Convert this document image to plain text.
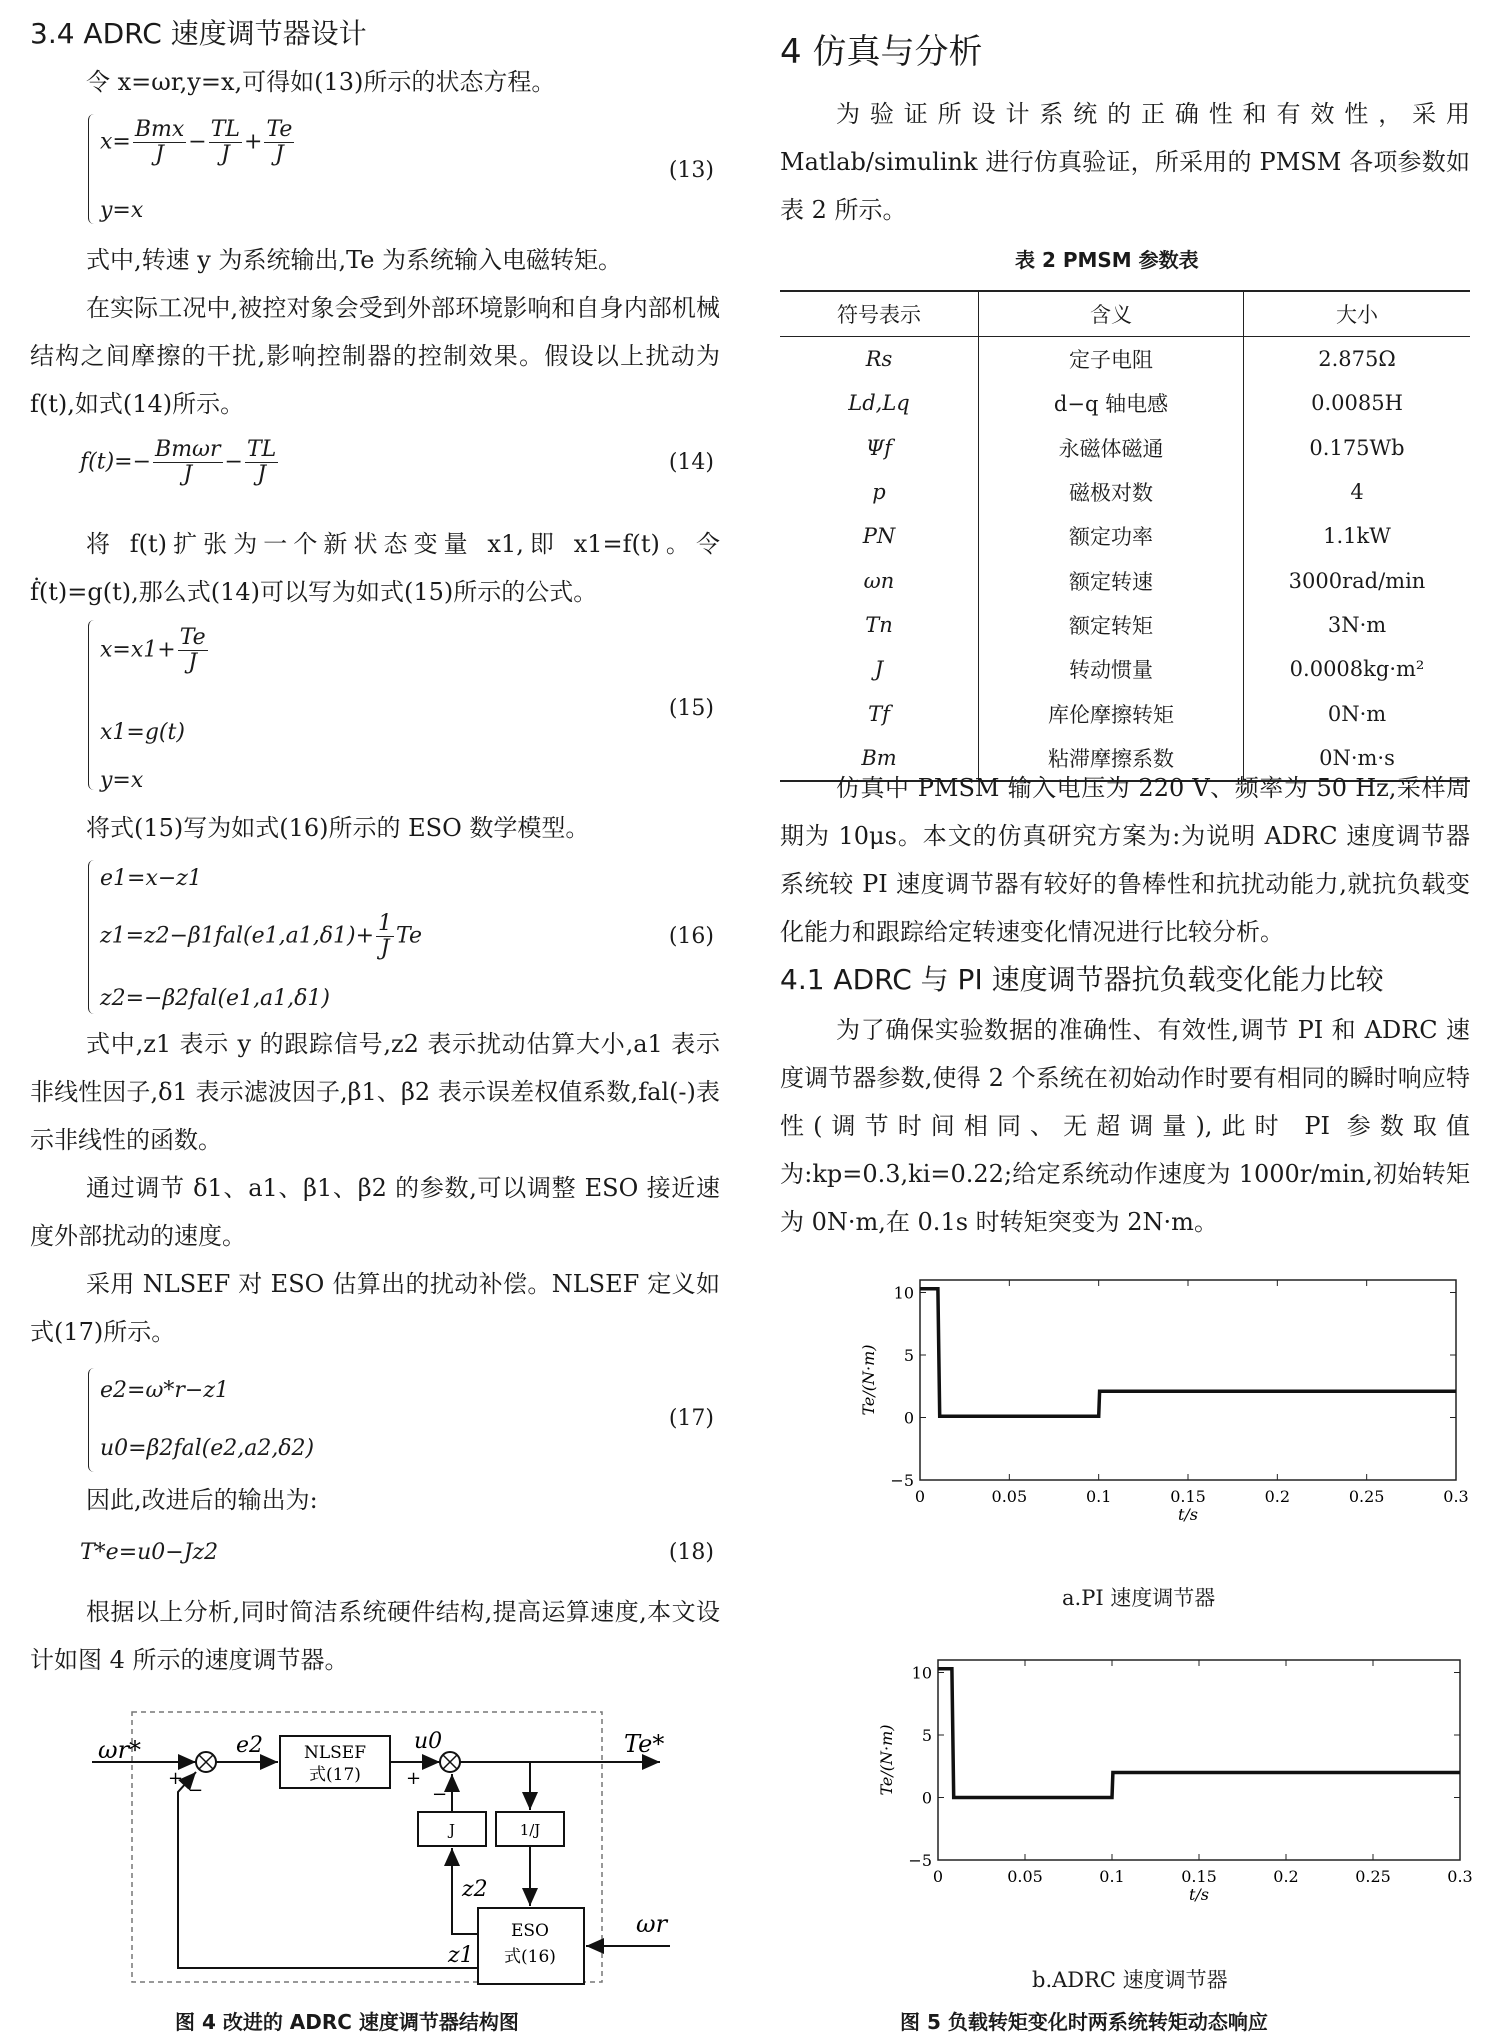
3.4 ADRC 速度调节器设计

令 x=ωr,y=x,可得如(13)所示的状态方程。

$x= \frac{\text{Bmx}}{J} - \frac{TL}{J} + \frac{Te}{J}$
y=x
(13)

式中,转速 y 为系统输出,Te 为系统输入电磁转矩。

在实际工况中,被控对象会受到外部环境影响和自身内部机械结构之间摩擦的干扰,影响控制器的控制效果。假设以上扰动为 f(t),如式(14)所示。

$f(t)=- \frac{\text{Bmωr}}{J} - \frac{TL}{J}$	(14)

将 f(t)扩张为一个新状态变量 x1,即 x1=f(t)。令 ḟ(t)=g(t),那么式(14)可以写为如式(15)所示的公式。

$x=x1+ \frac{Te}{J}$
x1=g(t)
y=x
(15)

将式(15)写为如式(16)所示的 ESO 数学模型。

e1=x−z1
$z1=z2-\beta 1fal(e1,a1,\delta 1)+ \frac{1}{J}$ Te
z2=−β2fal(e1,a1,δ1)
(16)

式中,z1 表示 y 的跟踪信号,z2 表示扰动估算大小,a1 表示非线性因子,δ1 表示滤波因子,β1、β2 表示误差权值系数,fal(-)表示非线性的函数。

通过调节 δ1、a1、β1、β2 的参数,可以调整 ESO 接近速度外部扰动的速度。

采用 NLSEF 对 ESO 估算出的扰动补偿。NLSEF 定义如式(17)所示。

e2=ω*r−z1
u0=β2fal(e2,a2,δ2)
(17)

因此,改进后的输出为:

T*e=u0−Jz2	(18)

根据以上分析,同时简洁系统硬件结构,提高运算速度,本文设计如图 4 所示的速度调节器。

ωr*
+
−
e2 NLSEF
式(17)
u0
+
−
Te*
1/J
J
z2
ESO
式(16)
ωr
z1
图 4 改进的 ADRC 速度调节器结构图
4 仿真与分析

为验证所设计系统的正确性和有效性，采用 Matlab/simulink 进行仿真验证，所采用的 PMSM 各项参数如表 2 所示。

表 2 PMSM 参数表
符号表示	含义	大小
Rs	定子电阻	2.875Ω
Ld,Lq	d−q 轴电感	0.0085H
Ψf	永磁体磁通	0.175Wb
p	磁极对数	4
PN	额定功率	1.1kW
ωn	额定转速	3000rad/min
Tn	额定转矩	3N·m
J	转动惯量	0.0008kg·m²
Tf	库伦摩擦转矩	0N·m
Bm	粘滞摩擦系数	0N·m·s

仿真中 PMSM 输入电压为 220 V、频率为 50 Hz,采样周期为 10μs。本文的仿真研究方案为:为说明 ADRC 速度调节器系统较 PI 速度调节器有较好的鲁棒性和抗扰动能力,就抗负载变化能力和跟踪给定转速变化情况进行比较分析。

4.1 ADRC 与 PI 速度调节器抗负载变化能力比较

为了确保实验数据的准确性、有效性,调节 PI 和 ADRC 速度调节器参数,使得 2 个系统在初始动作时要有相同的瞬时响应特性(调节时间相同、无超调量),此时 PI 参数取值为:kp=0.3,ki=0.22;给定系统动作速度为 1000r/min,初始转矩为 0N·m,在 0.1s 时转矩突变为 2N·m。

0	0.05	0.1	0.15	0.2	0.25	0.3
−5
0
5
10
t/s
Te/(N·m)
a.PI 速度调节器
0	0.05	0.1	0.15	0.2	0.25	0.3
−5
0
5
10
t/s
Te/(N·m)
b.ADRC 速度调节器
图 5 负载转矩变化时两系统转矩动态响应
